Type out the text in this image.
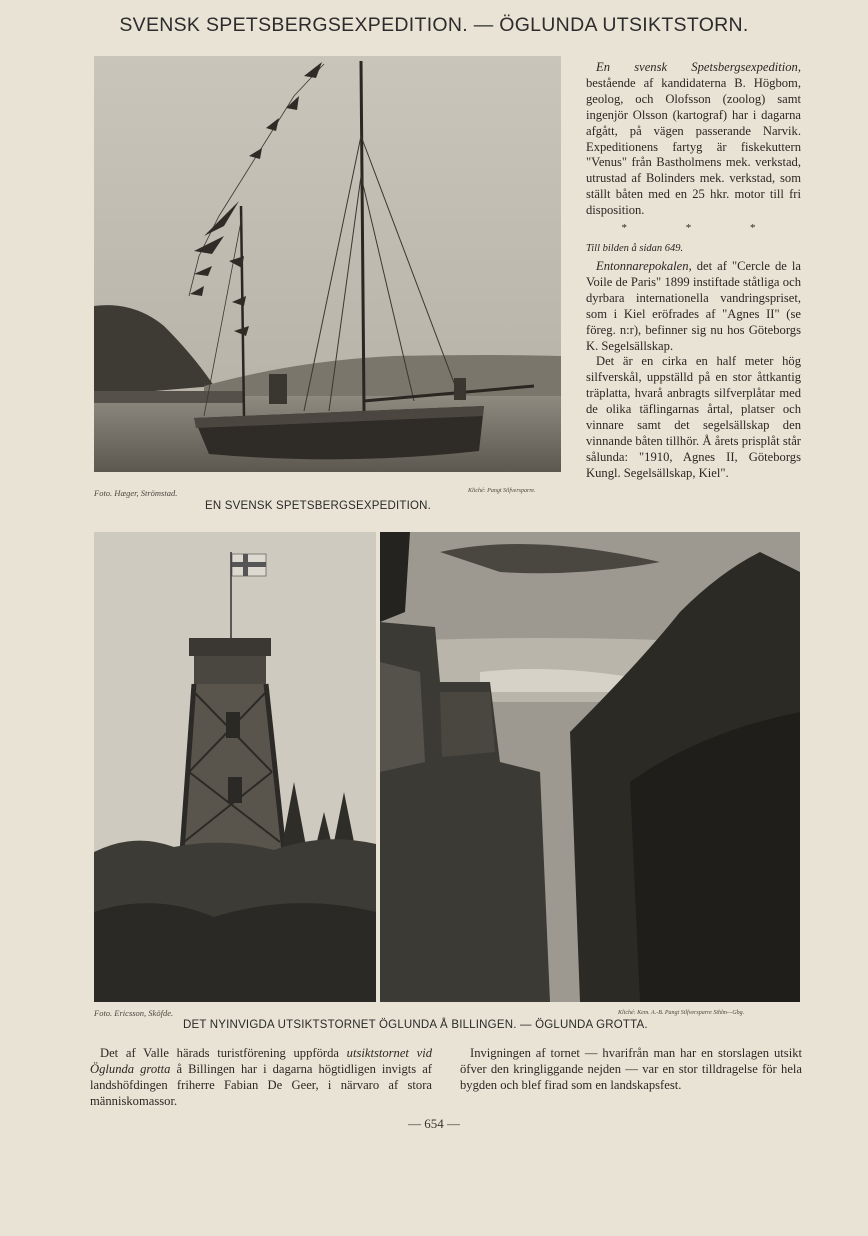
SVENSK SPETSBERGSEXPEDITION. — ÖGLUNDA UTSIKTSTORN.
Foto. Hæger, Strömstad.	Kliché: Pangt Silfversparre.
EN SVENSK SPETSBERGSEXPEDITION.

En svensk Spetsbergsexpedition, bestående af kandidaterna B. Högbom, geolog, och Olofsson (zoolog) samt ingenjör Olsson (kartograf) har i dagarna afgått, på vägen passerande Narvik. Expeditionens fartyg är fiskekuttern "Venus" från Bastholmens mek. verkstad, utrustad af Bolinders mek. verkstad, som ställt båten med en 25 hkr. motor till fri disposition.

* * *
Till bilden å sidan 649.

Entonnarepokalen, det af "Cercle de la Voile de Paris" 1899 instiftade ståtliga och dyrbara internationella vandringspriset, som i Kiel eröfrades af "Agnes II" (se föreg. n:r), befinner sig nu hos Göteborgs K. Segelsällskap.

Det är en cirka en half meter hög silfverskål, uppställd på en stor åttkantig träplatta, hvarå anbragts silfverplåtar med de olika täflingarnas årtal, platser och vinnare samt det segelsällskap den vinnande båten tillhör. Å årets prisplåt står sålunda: "1910, Agnes II, Göteborgs Kungl. Segelsällskap, Kiel".

Foto. Ericsson, Sköfde.	Kliché: Kem. A.-B. Pangt Silfversparre Sthlm—Gbg.
DET NYINVIGDA UTSIKTSTORNET ÖGLUNDA Å BILLINGEN. — ÖGLUNDA GROTTA.

Det af Valle härads turistförening uppförda utsiktstornet vid Öglunda grotta å Billingen har i dagarna högtidligen invigts af landshöfdingen friherre Fabian De Geer, i närvaro af stora människomassor.

Invigningen af tornet — hvarifrån man har en storslagen utsikt öfver den kringliggande nejden — var en stor tilldragelse för hela bygden och blef firad som en landskapsfest.

— 654 —
